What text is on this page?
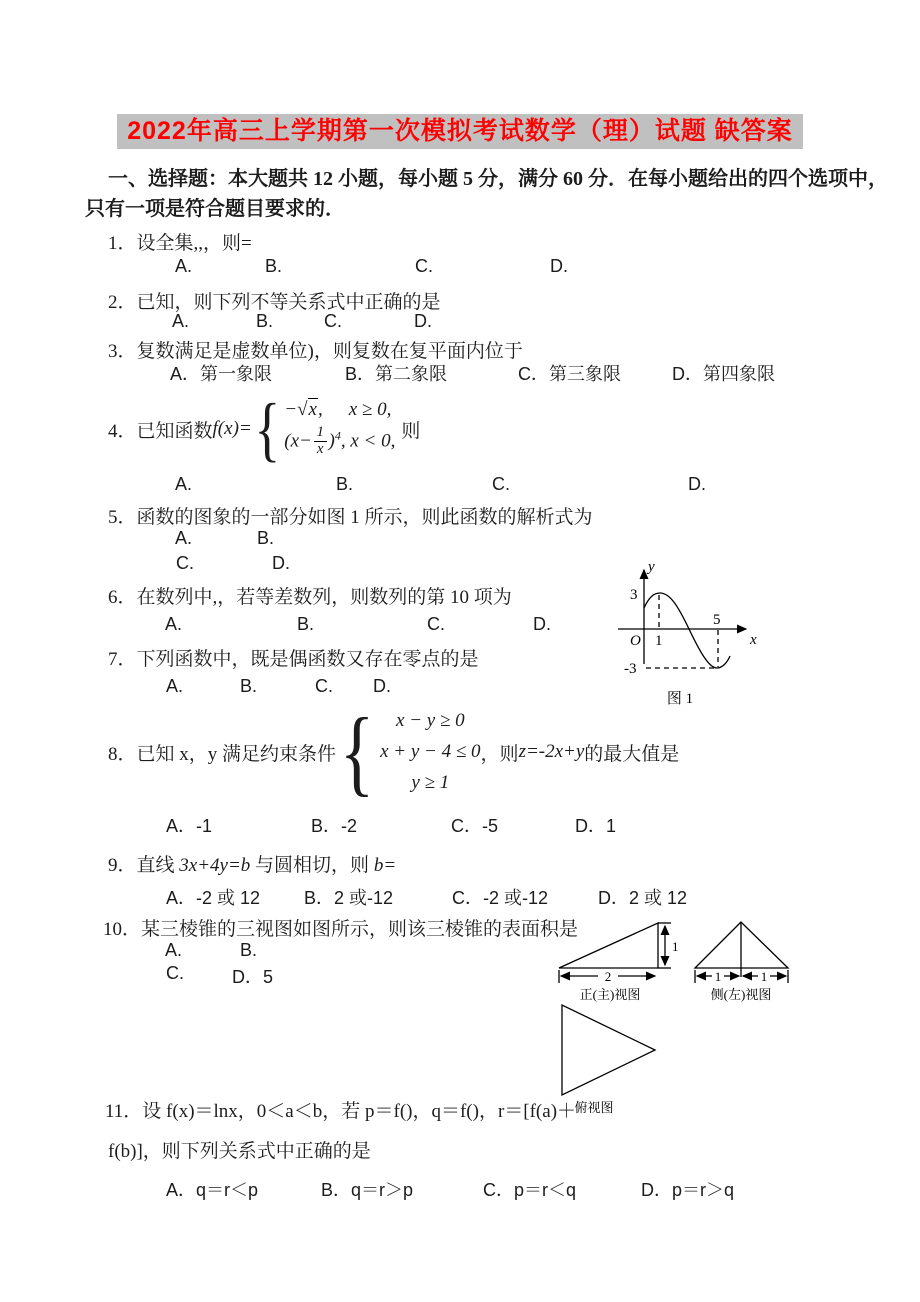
2022年高三上学期第一次模拟考试数学（理）试题 缺答案
一、选择题：本大题共 12 小题，每小题 5 分，满分 60 分．在每小题给出的四个选项中，
只有一项是符合题目要求的．
1．设全集,,，则=
A.	B.	C.	D.
2．已知，则下列不等关系式中正确的是
A.	B.	C.	D.
3．复数满足是虚数单位)，则复数在复平面内位于
A．第一象限	B．第二象限	C．第三象限	D．第四象限
4． 已知函数 f(x)= { −√x, x ≥ 0,
$(x- \frac{1}{x} )^4$, x < 0, 则
A.	B.	C.	D.
5．函数的图象的一部分如图 1 所示，则此函数的解析式为
A.	B.
C.	D.
6．在数列中,，若等差数列，则数列的第 10 项为
A.	B.	C.	D.
7．下列函数中，既是偶函数又存在零点的是
A.	B.	C. D.
y
3
O 1
5
x
-3
图 1
8． 已知 x，y 满足约束条件 { x − y ≥ 0
x + y − 4 ≤ 0
y ≥ 1
，则 z=-2x+y 的最大值是
A．-1	B．-2	C．-5	D．1
9．直线 3x+4y=b 与圆相切，则 b=
A．-2 或 12 B．2 或-12	C．-2 或-12	D．2 或 12
10．某三棱锥的三视图如图所示，则该三棱锥的表面积是
A.	B.
C.	D．5
1
2
正(主)视图
1	1
侧(左)视图
俯视图
11．设 f(x)＝lnx，0＜a＜b，若 p＝f()，q＝f()，r＝[f(a)＋
f(b)]，则下列关系式中正确的是
A．q＝r＜p	B．q＝r＞p	C．p＝r＜q	D．p＝r＞q
